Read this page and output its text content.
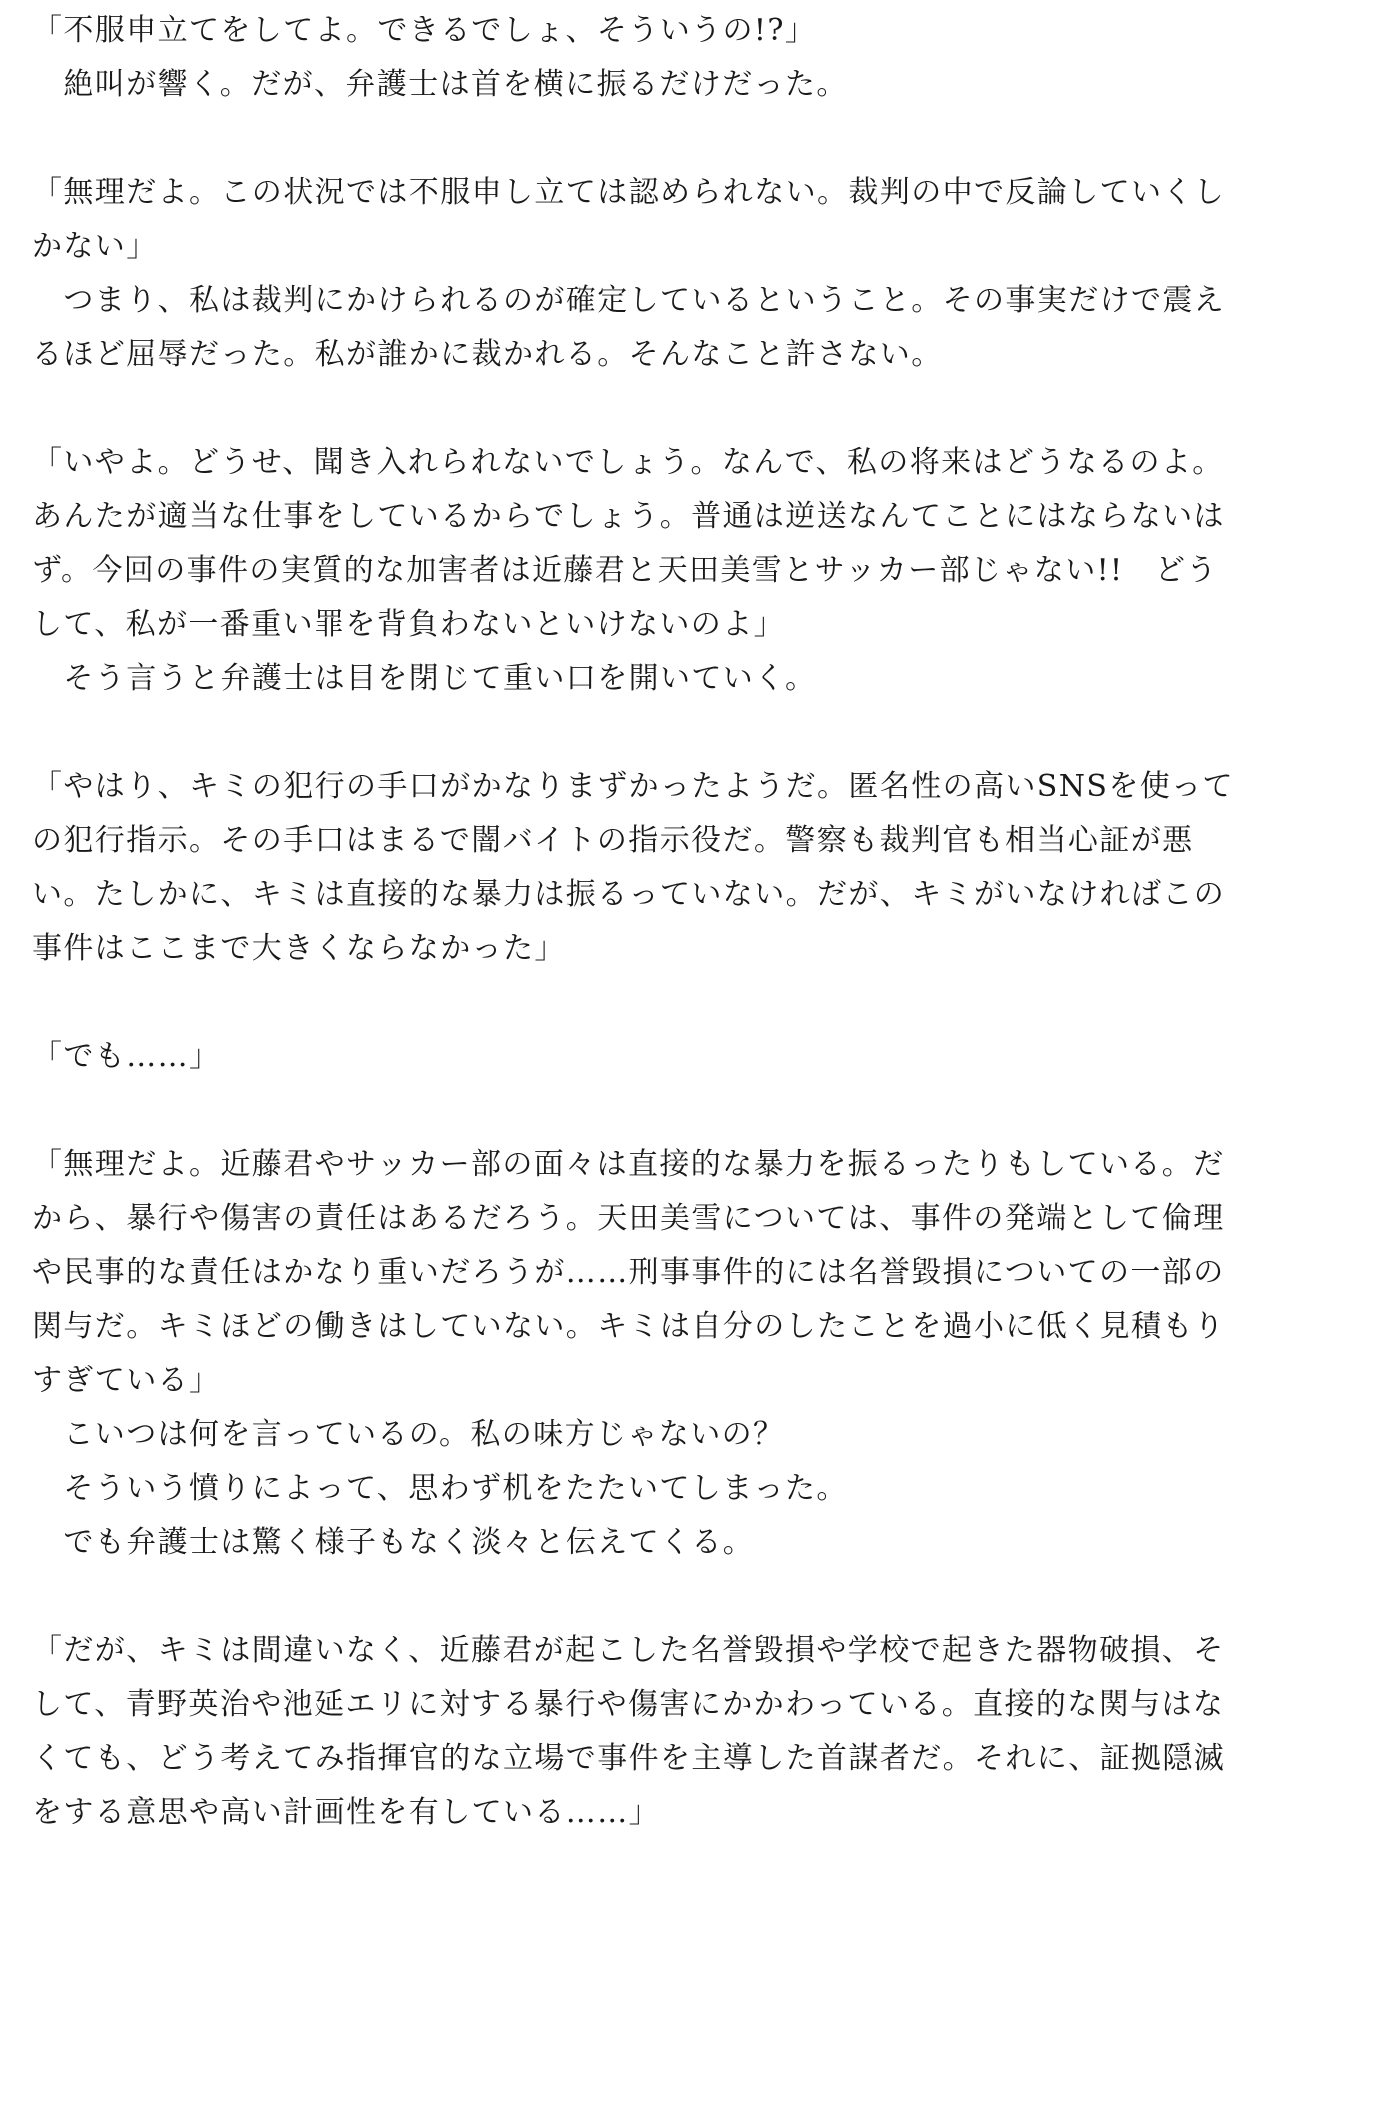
「不服申立てをしてよ。できるでしょ、そういうの!?」
　絶叫が響く。だが、弁護士は首を横に振るだけだった。
「無理だよ。この状況では不服申し立ては認められない。裁判の中で反論していくし
かない」
　つまり、私は裁判にかけられるのが確定しているということ。その事実だけで震え
るほど屈辱だった。私が誰かに裁かれる。そんなこと許さない。
「いやよ。どうせ、聞き入れられないでしょう。なんで、私の将来はどうなるのよ。
あんたが適当な仕事をしているからでしょう。普通は逆送なんてことにはならないは
ず。今回の事件の実質的な加害者は近藤君と天田美雪とサッカー部じゃない!!　どう
して、私が一番重い罪を背負わないといけないのよ」
　そう言うと弁護士は目を閉じて重い口を開いていく。
「やはり、キミの犯行の手口がかなりまずかったようだ。匿名性の高いSNSを使って
の犯行指示。その手口はまるで闇バイトの指示役だ。警察も裁判官も相当心証が悪
い。たしかに、キミは直接的な暴力は振るっていない。だが、キミがいなければこの
事件はここまで大きくならなかった」
「でも……」
「無理だよ。近藤君やサッカー部の面々は直接的な暴力を振るったりもしている。だ
から、暴行や傷害の責任はあるだろう。天田美雪については、事件の発端として倫理
や民事的な責任はかなり重いだろうが……刑事事件的には名誉毀損についての一部の
関与だ。キミほどの働きはしていない。キミは自分のしたことを過小に低く見積もり
すぎている」
　こいつは何を言っているの。私の味方じゃないの？
　そういう憤りによって、思わず机をたたいてしまった。
　でも弁護士は驚く様子もなく淡々と伝えてくる。
「だが、キミは間違いなく、近藤君が起こした名誉毀損や学校で起きた器物破損、そ
して、青野英治や池延エリに対する暴行や傷害にかかわっている。直接的な関与はな
くても、どう考えてみ指揮官的な立場で事件を主導した首謀者だ。それに、証拠隠滅
をする意思や高い計画性を有している……」
